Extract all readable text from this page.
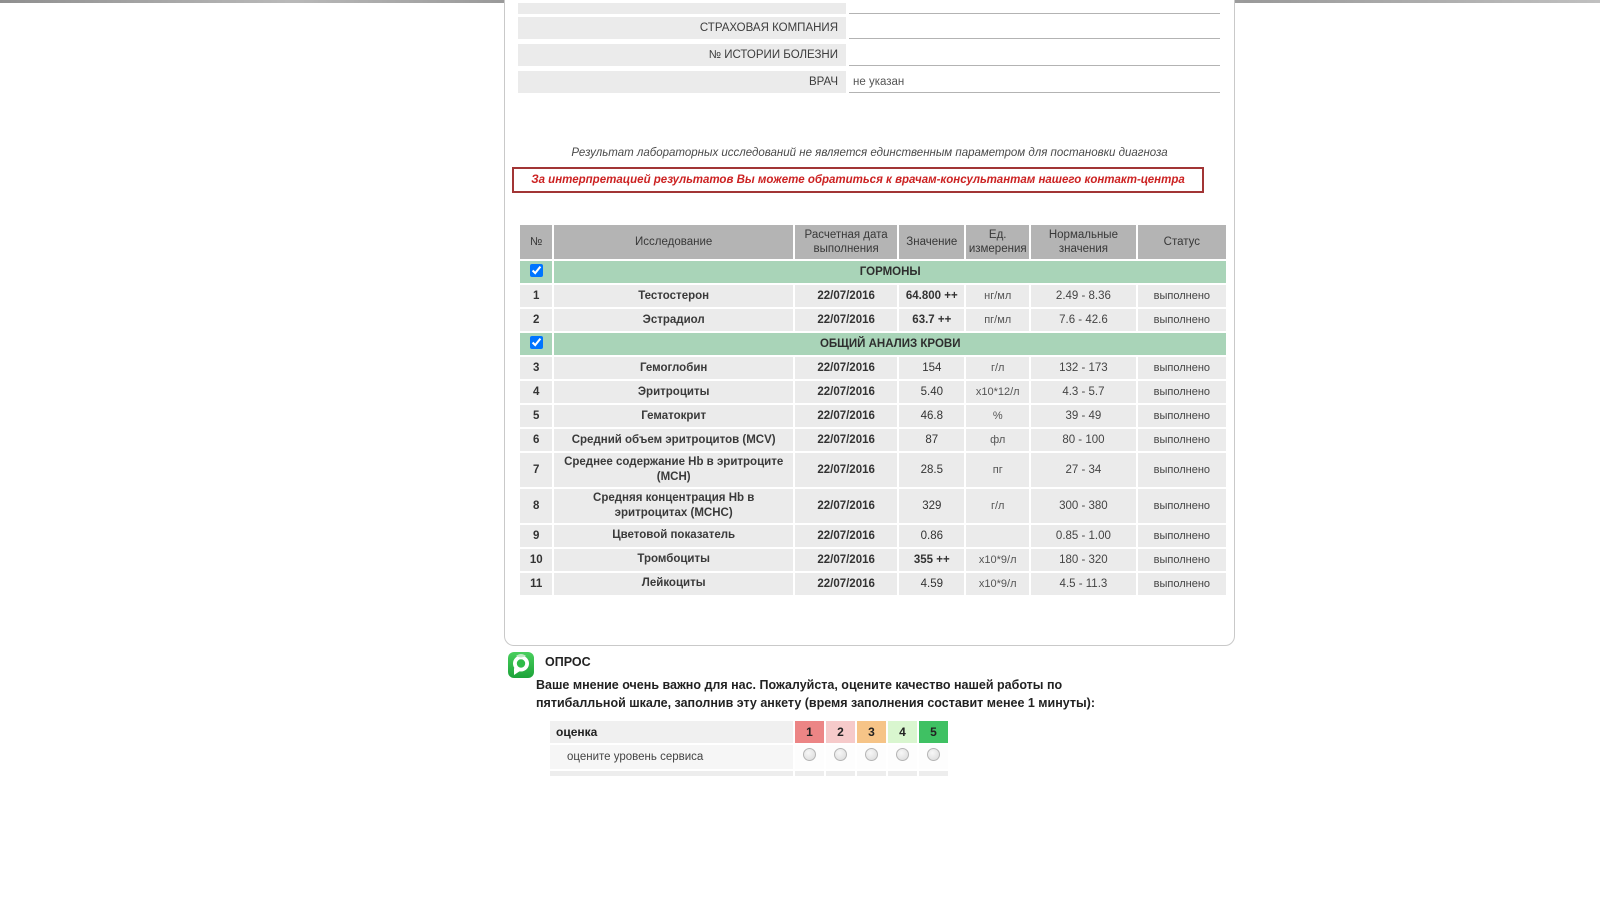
СТРАХОВАЯ КОМПАНИЯ
№ ИСТОРИИ БОЛЕЗНИ
ВРАЧ	не указан
Результат лабораторных исследований не является единственным параметром для постановки диагноза
За интерпретацией результатов Вы можете обратиться к врачам-консультантам нашего контакт-центра
№	Исследование	Расчетная дата выполнения	Значение	Ед. измерения	Нормальные значения	Статус
	ГОРМОНЫ					
1	Тестостерон	22/07/2016	64.800 ++	нг/мл	2.49 - 8.36	выполнено
2	Эстрадиол	22/07/2016	63.7 ++	пг/мл	7.6 - 42.6	выполнено
	ОБЩИЙ АНАЛИЗ КРОВИ					
3	Гемоглобин	22/07/2016	154	г/л	132 - 173	выполнено
4	Эритроциты	22/07/2016	5.40	х10*12/л	4.3 - 5.7	выполнено
5	Гематокрит	22/07/2016	46.8	%	39 - 49	выполнено
6	Средний объем эритроцитов (MCV)	22/07/2016	87	фл	80 - 100	выполнено
7	Среднее содержание Hb в эритроците (MCH)	22/07/2016	28.5	пг	27 - 34	выполнено
8	Средняя концентрация Hb в эритроцитах (MCHC)	22/07/2016	329	г/л	300 - 380	выполнено
9	Цветовой показатель	22/07/2016	0.86		0.85 - 1.00	выполнено
10	Тромбоциты	22/07/2016	355 ++	х10*9/л	180 - 320	выполнено
11	Лейкоциты	22/07/2016	4.59	х10*9/л	4.5 - 11.3	выполнено
ОПРОС
Ваше мнение очень важно для нас. Пожалуйста, оцените качество нашей работы по пятибалльной шкале, заполнив эту анкету (время заполнения составит менее 1 минуты):
оценка	1	2	3	4	5
оцените уровень сервиса					
